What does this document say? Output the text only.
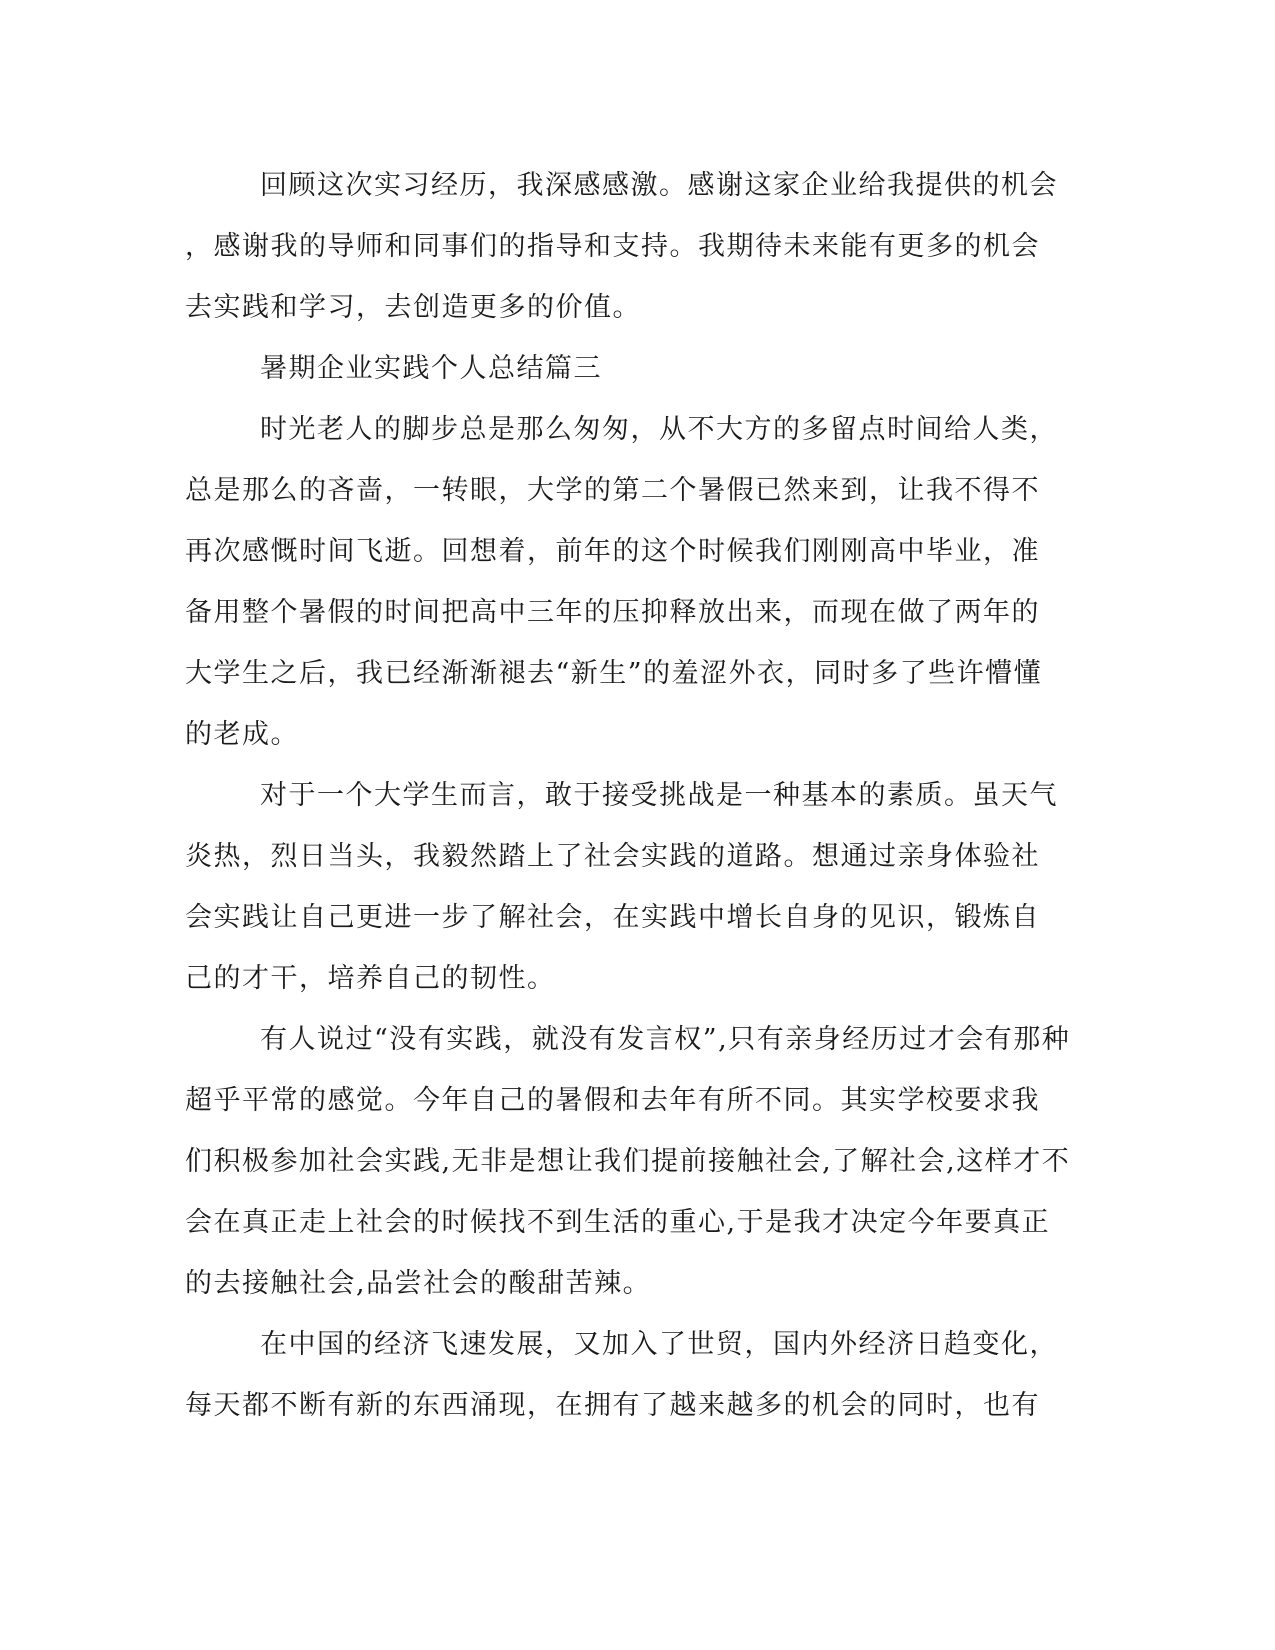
回顾这次实习经历，我深感感激。感谢这家企业给我提供的机会
，感谢我的导师和同事们的指导和支持。我期待未来能有更多的机会
去实践和学习，去创造更多的价值。
暑期企业实践个人总结篇三
时光老人的脚步总是那么匆匆，从不大方的多留点时间给人类，
总是那么的吝啬，一转眼，大学的第二个暑假已然来到，让我不得不
再次感慨时间飞逝。回想着，前年的这个时候我们刚刚高中毕业，准
备用整个暑假的时间把高中三年的压抑释放出来，而现在做了两年的
大学生之后，我已经渐渐褪去“新生”的羞涩外衣，同时多了些许懵懂
的老成。
对于一个大学生而言，敢于接受挑战是一种基本的素质。虽天气
炎热，烈日当头，我毅然踏上了社会实践的道路。想通过亲身体验社
会实践让自己更进一步了解社会，在实践中增长自身的见识，锻炼自
己的才干，培养自己的韧性。
有人说过“没有实践，就没有发言权”,只有亲身经历过才会有那种
超乎平常的感觉。今年自己的暑假和去年有所不同。其实学校要求我
们积极参加社会实践,无非是想让我们提前接触社会,了解社会,这样才不
会在真正走上社会的时候找不到生活的重心,于是我才决定今年要真正
的去接触社会,品尝社会的酸甜苦辣。
在中国的经济飞速发展，又加入了世贸，国内外经济日趋变化，
每天都不断有新的东西涌现，在拥有了越来越多的机会的同时，也有
